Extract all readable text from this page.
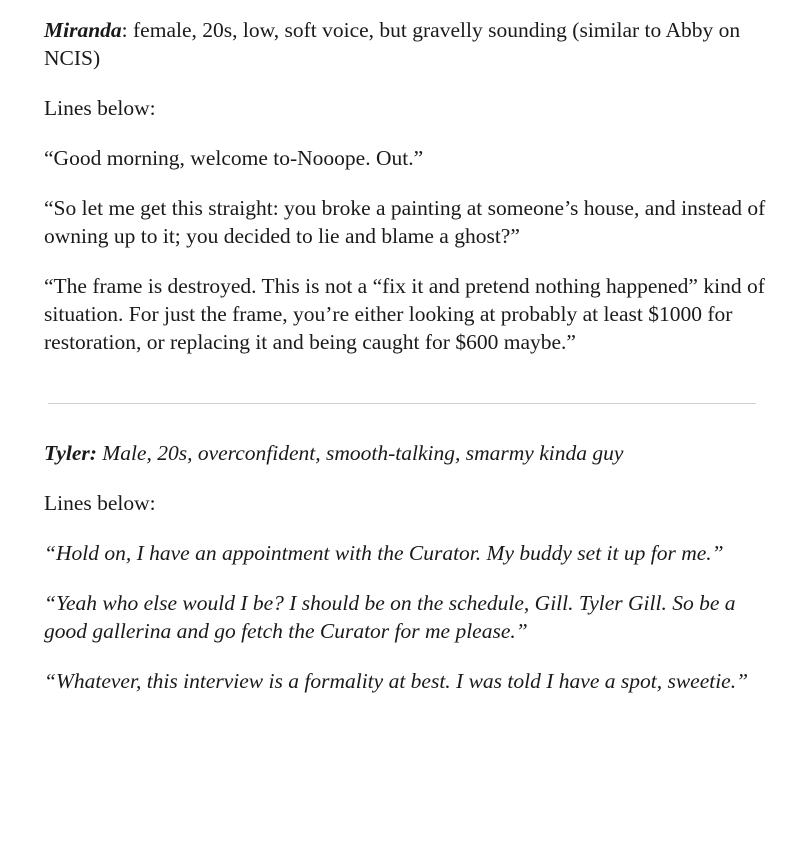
Miranda: female, 20s, low, soft voice, but gravelly sounding (similar to Abby on NCIS)

Lines below:

“Good morning, welcome to-Nooope. Out.”

“So let me get this straight: you broke a painting at someone’s house, and instead of owning up to it; you decided to lie and blame a ghost?”

“The frame is destroyed. This is not a “fix it and pretend nothing happened” kind of situation. For just the frame, you’re either looking at probably at least $1000 for restoration, or replacing it and being caught for $600 maybe.”

Tyler: Male, 20s, overconfident, smooth-talking, smarmy kinda guy

Lines below:

“Hold on, I have an appointment with the Curator. My buddy set it up for me.”

“Yeah who else would I be? I should be on the schedule, Gill. Tyler Gill. So be a good gallerina and go fetch the Curator for me please.”

“Whatever, this interview is a formality at best. I was told I have a spot, sweetie.”
